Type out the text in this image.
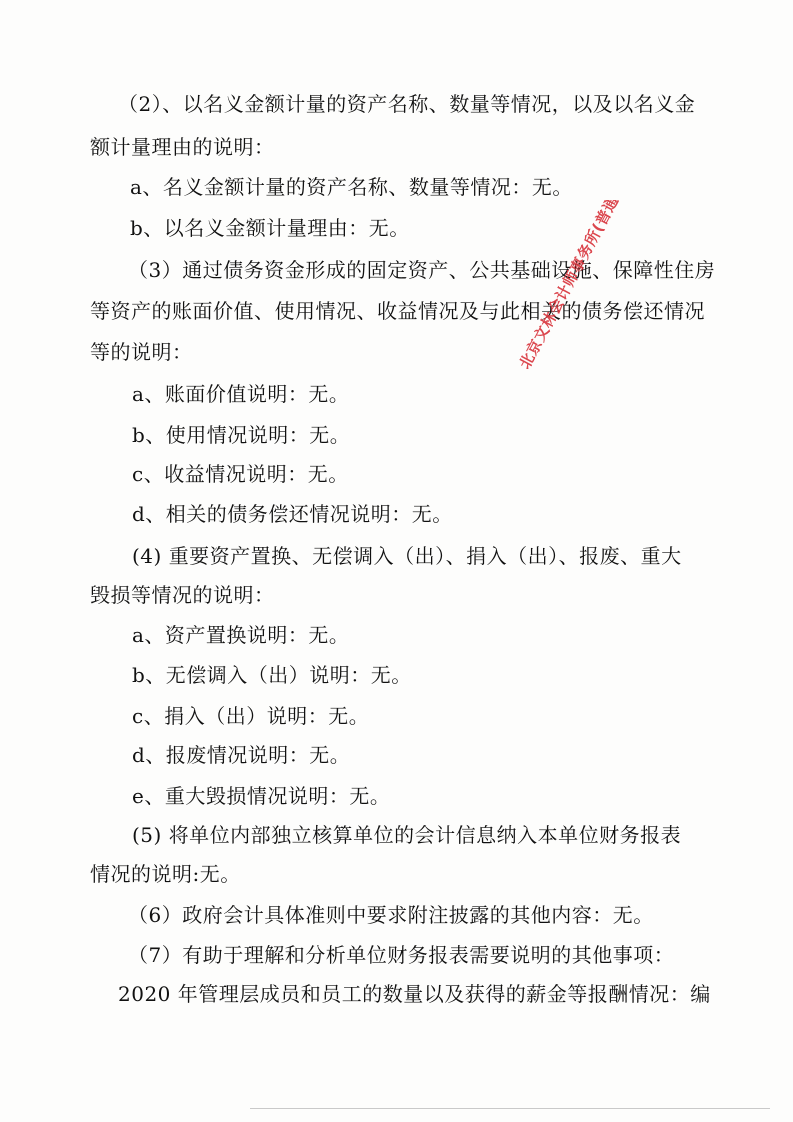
（2）、以名义金额计量的资产名称、数量等情况，以及以名义金
额计量理由的说明：
a、名义金额计量的资产名称、数量等情况：无。
b、以名义金额计量理由：无。
（3）通过债务资金形成的固定资产、公共基础设施、保障性住房
等资产的账面价值、使用情况、收益情况及与此相关的债务偿还情况
等的说明：
a、账面价值说明：无。
b、使用情况说明：无。
c、收益情况说明：无。
d、相关的债务偿还情况说明：无。
(4) 重要资产置换、无偿调入（出）、捐入（出）、报废、重大
毁损等情况的说明：
a、资产置换说明：无。
b、无偿调入（出）说明：无。
c、捐入（出）说明：无。
d、报废情况说明：无。
e、重大毁损情况说明：无。
(5) 将单位内部独立核算单位的会计信息纳入本单位财务报表
情况的说明:无。
（6）政府会计具体准则中要求附注披露的其他内容：无。
（7）有助于理解和分析单位财务报表需要说明的其他事项：
2020 年管理层成员和员工的数量以及获得的薪金等报酬情况：编
北京文林会计师事务所(普通合伙)
